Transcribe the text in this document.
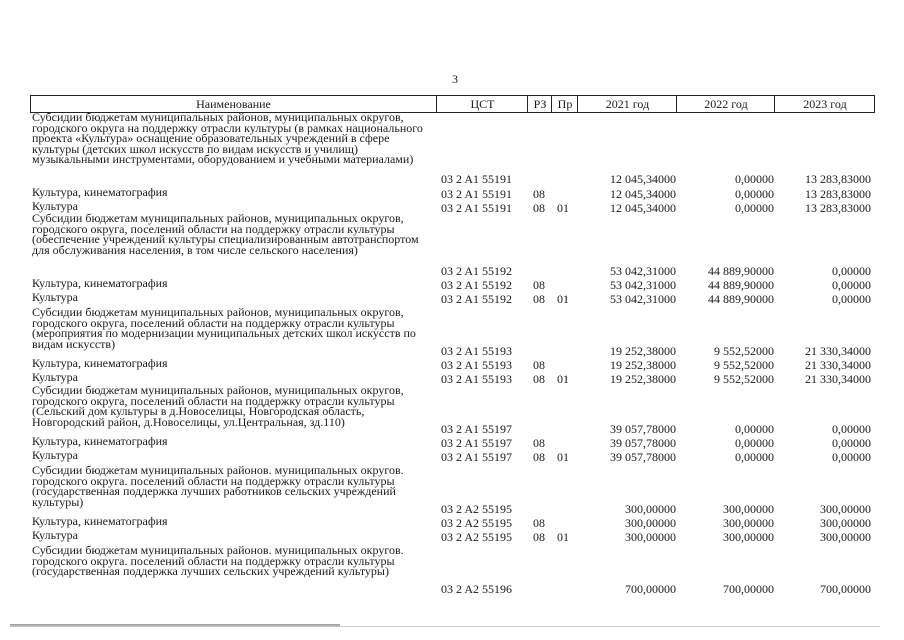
3
Наименование	ЦСТ	РЗ Пр	2021 год	2022 год	2023 год
Субсидии бюджетам муниципальных районов, муниципальных округов, городского округа на поддержку отрасли культуры (в рамках национального проекта «Культура» оснащение образовательных учреждений в сфере культуры (детских школ искусств по видам искусств и училищ) музыкальными инструментами, оборудованием и учебными материалами)
03 2 A1 55191	12 045,34000	0,00000	13 283,83000
Культура, кинематография	03 2 A1 55191 08	12 045,34000	0,00000	13 283,83000
Культура	03 2 A1 55191 08 01	12 045,34000	0,00000	13 283,83000
Субсидии бюджетам муниципальных районов, муниципальных округов, городского округа, поселений области на поддержку отрасли культуры (обеспечение учреждений культуры специализированным автотранспортом для обслуживания населения, в том числе сельского населения)
03 2 A1 55192	53 042,31000	44 889,90000	0,00000
Культура, кинематография	03 2 A1 55192 08	53 042,31000	44 889,90000	0,00000
Культура	03 2 A1 55192 08 01	53 042,31000	44 889,90000	0,00000
Субсидии бюджетам муниципальных районов, муниципальных округов, городского округа, поселений области на поддержку отрасли культуры (мероприятия по модернизации муниципальных детских школ искусств по видам искусств)
03 2 A1 55193	19 252,38000	9 552,52000	21 330,34000
Культура, кинематография	03 2 A1 55193 08	19 252,38000	9 552,52000	21 330,34000
Культура	03 2 A1 55193 08 01	19 252,38000	9 552,52000	21 330,34000
Субсидии бюджетам муниципальных районов, муниципальных округов, городского округа, поселений области на поддержку отрасли культуры (Сельский дом культуры в д.Новоселицы, Новгородская область, Новгородский район, д.Новоселицы, ул.Центральная, зд.110)
03 2 A1 55197	39 057,78000	0,00000	0,00000
Культура, кинематография	03 2 A1 55197 08	39 057,78000	0,00000	0,00000
Культура	03 2 A1 55197 08 01	39 057,78000	0,00000	0,00000
Субсидии бюджетам муниципальных районов. муниципальных округов. городского округа. поселений области на поддержку отрасли культуры (государственная поддержка лучших работников сельских учреждений культуры)
03 2 A2 55195	300,00000	300,00000	300,00000
Культура, кинематография	03 2 A2 55195 08	300,00000	300,00000	300,00000
Культура	03 2 A2 55195 08 01	300,00000	300,00000	300,00000
Субсидии бюджетам муниципальных районов. муниципальных округов. городского округа. поселений области на поддержку отрасли культуры (государственная поддержка лучших сельских учреждений культуры)
03 2 A2 55196	700,00000	700,00000	700,00000
